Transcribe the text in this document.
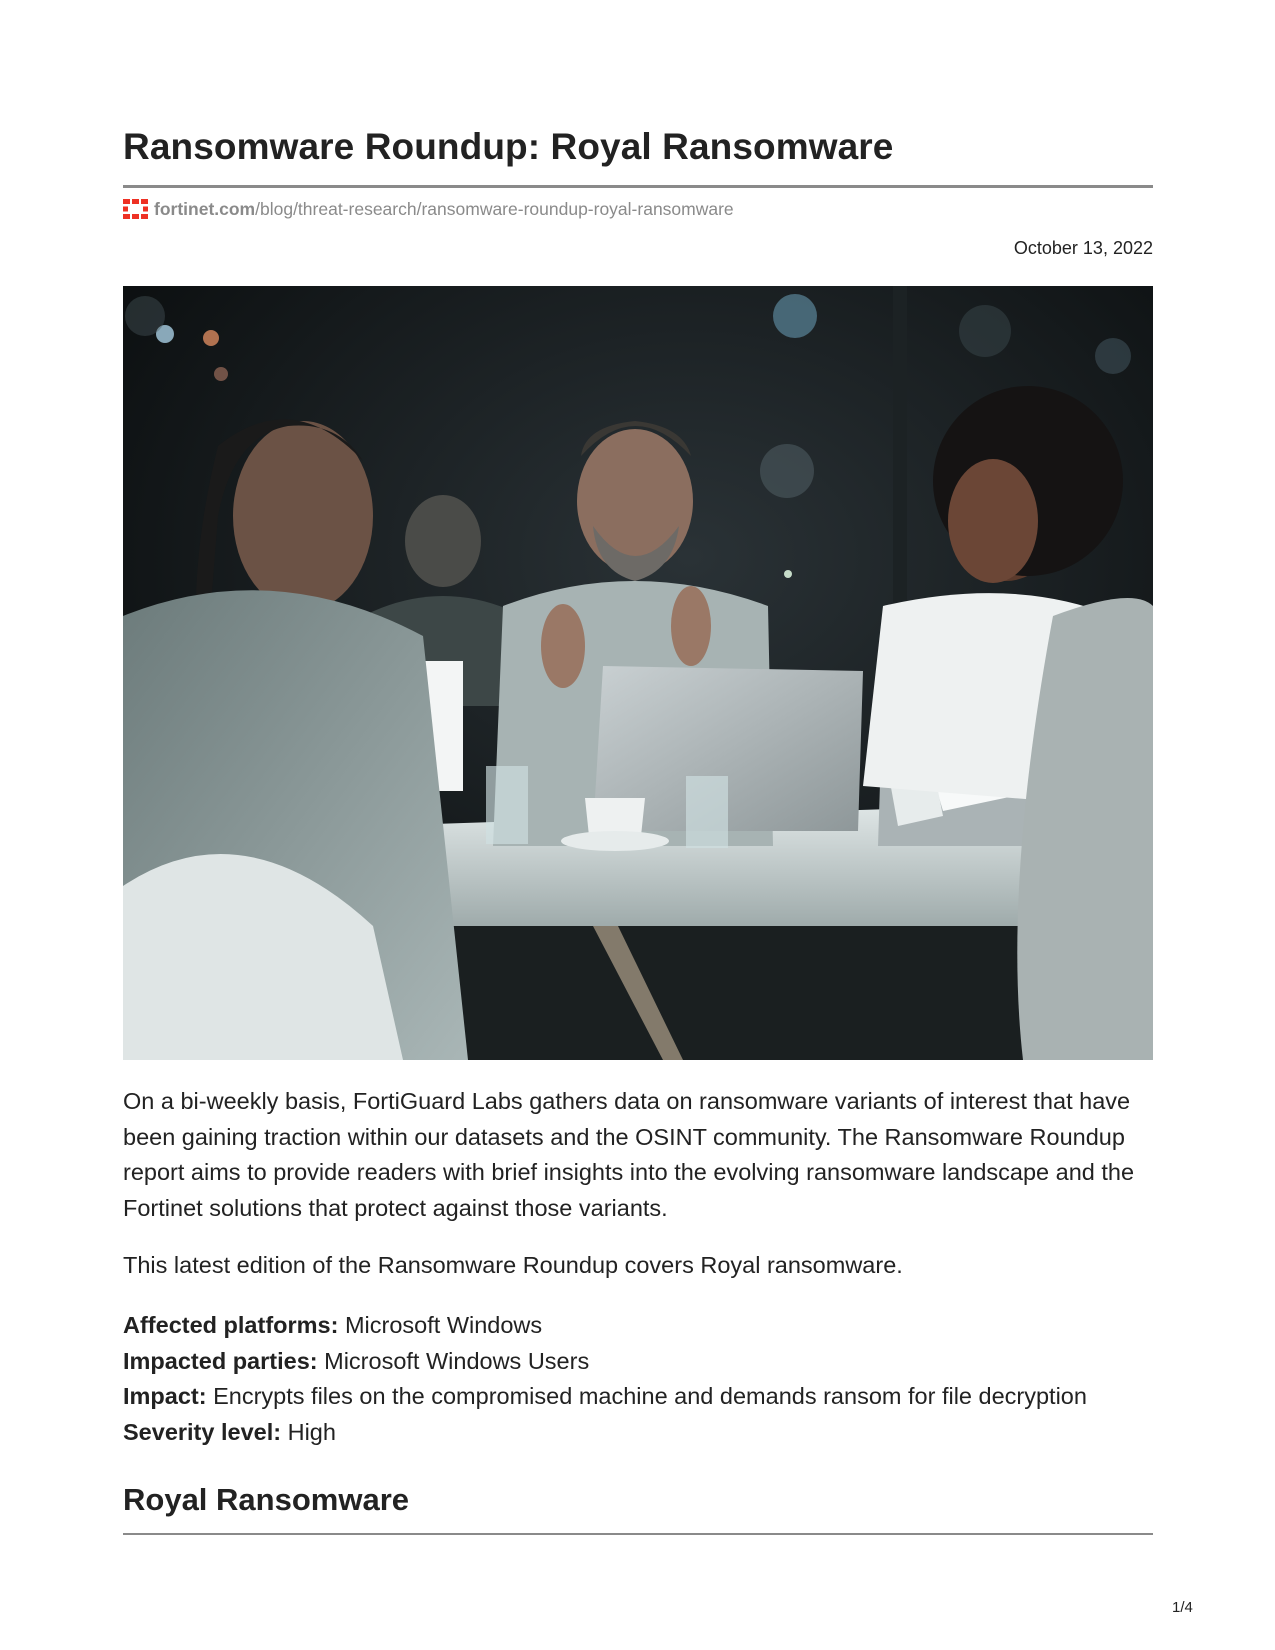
Ransomware Roundup: Royal Ransomware
fortinet.com /blog/threat-research/ransomware-roundup-royal-ransomware
October 13, 2022

On a bi-weekly basis, FortiGuard Labs gathers data on ransomware variants of interest that have been gaining traction within our datasets and the OSINT community. The Ransomware Roundup report aims to provide readers with brief insights into the evolving ransomware landscape and the Fortinet solutions that protect against those variants.

This latest edition of the Ransomware Roundup covers Royal ransomware.

Affected platforms: Microsoft Windows
Impacted parties: Microsoft Windows Users
Impact: Encrypts files on the compromised machine and demands ransom for file decryption
Severity level: High
Royal Ransomware
1/4
